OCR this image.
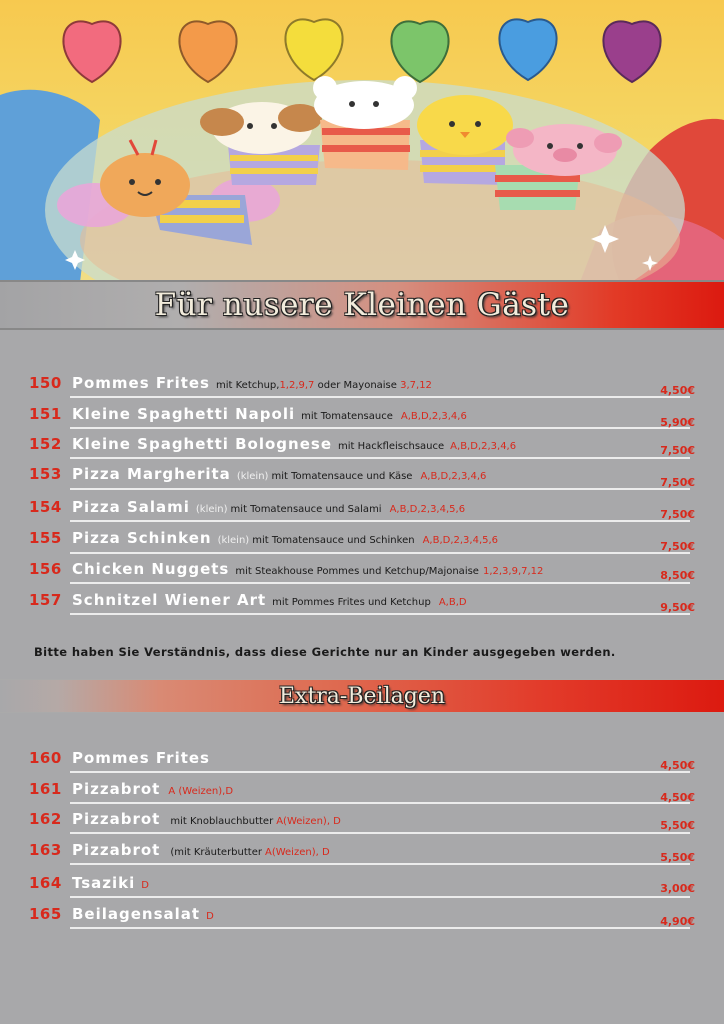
Für nusere Kleinen Gäste
150 Pommes Frites mit Ketchup,1,2,9,7 oder Mayonaise 3,7,12	4,50€
151 Kleine Spaghetti Napoli mit Tomatensauce A,B,D,2,3,4,6	5,90€
152 Kleine Spaghetti Bolognese mit Hackfleischsauce A,B,D,2,3,4,6	7,50€
153 Pizza Margherita (klein) mit Tomatensauce und Käse A,B,D,2,3,4,6	7,50€
154 Pizza Salami (klein) mit Tomatensauce und Salami A,B,D,2,3,4,5,6	7,50€
155 Pizza Schinken (klein) mit Tomatensauce und Schinken A,B,D,2,3,4,5,6	7,50€
156 Chicken Nuggets mit Steakhouse Pommes und Ketchup/Majonaise 1,2,3,9,7,12	8,50€
157 Schnitzel Wiener Art mit Pommes Frites und Ketchup A,B,D	9,50€
Bitte haben Sie Verständnis, dass diese Gerichte nur an Kinder ausgegeben werden.
Extra-Beilagen
160 Pommes Frites	4,50€
161 Pizzabrot A (Weizen),D	4,50€
162 Pizzabrot mit Knoblauchbutter A(Weizen), D	5,50€
163 Pizzabrot (mit Kräuterbutter A(Weizen), D	5,50€
164 Tsaziki D	3,00€
165 Beilagensalat D	4,90€
